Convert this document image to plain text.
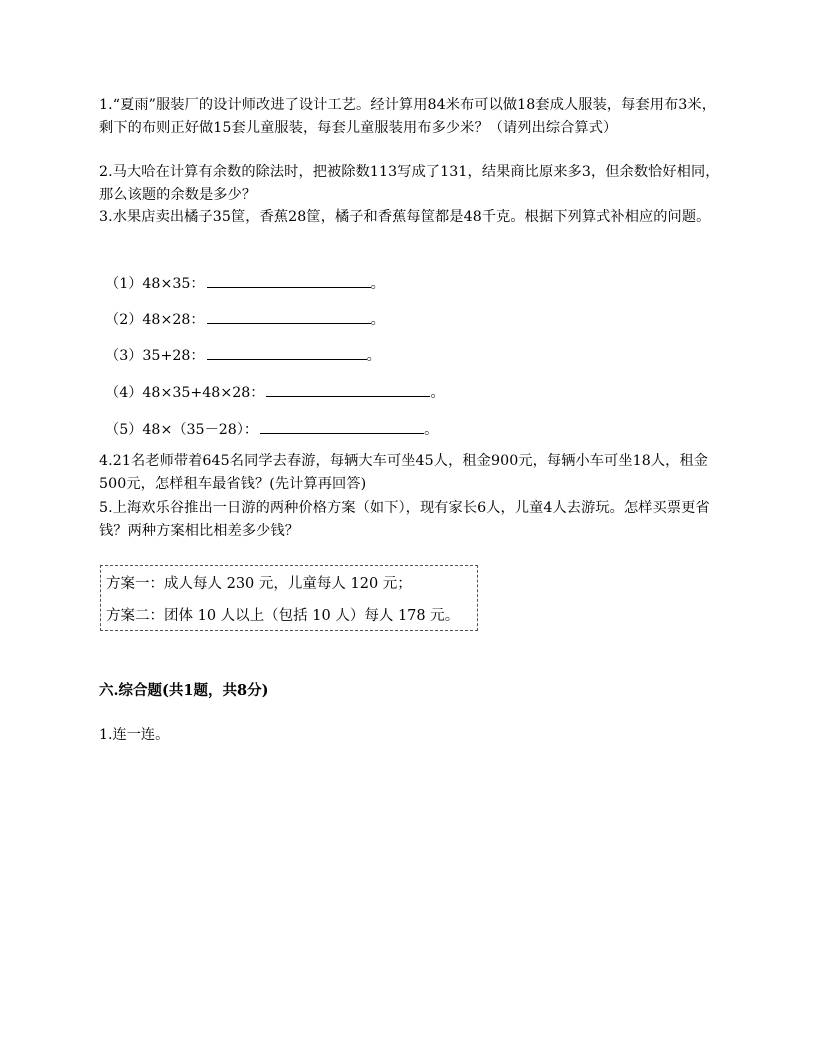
1.“夏雨”服装厂的设计师改进了设计工艺。经计算用84米布可以做18套成人服装，每套用布3米，剩下的布则正好做15套儿童服装，每套儿童服装用布多少米？（请列出综合算式）
2.马大哈在计算有余数的除法时，把被除数113写成了131，结果商比原来多3，但余数恰好相同，那么该题的余数是多少？
3.水果店卖出橘子35筐，香蕉28筐，橘子和香蕉每筐都是48千克。根据下列算式补相应的问题。
（1）48×35：	。
（2）48×28：	。
（3）35+28：	。
（4）48×35+48×28：	。
（5）48×（35－28）：	。
4.21名老师带着645名同学去春游，每辆大车可坐45人，租金900元，每辆小车可坐18人，租金500元，怎样租车最省钱？(先计算再回答)
5.上海欢乐谷推出一日游的两种价格方案（如下），现有家长6人，儿童4人去游玩。怎样买票更省钱？两种方案相比相差多少钱？
方案一：成人每人 230 元，儿童每人 120 元；
方案二：团体 10 人以上（包括 10 人）每人 178 元。
六.综合题(共1题，共8分)
1.连一连。
